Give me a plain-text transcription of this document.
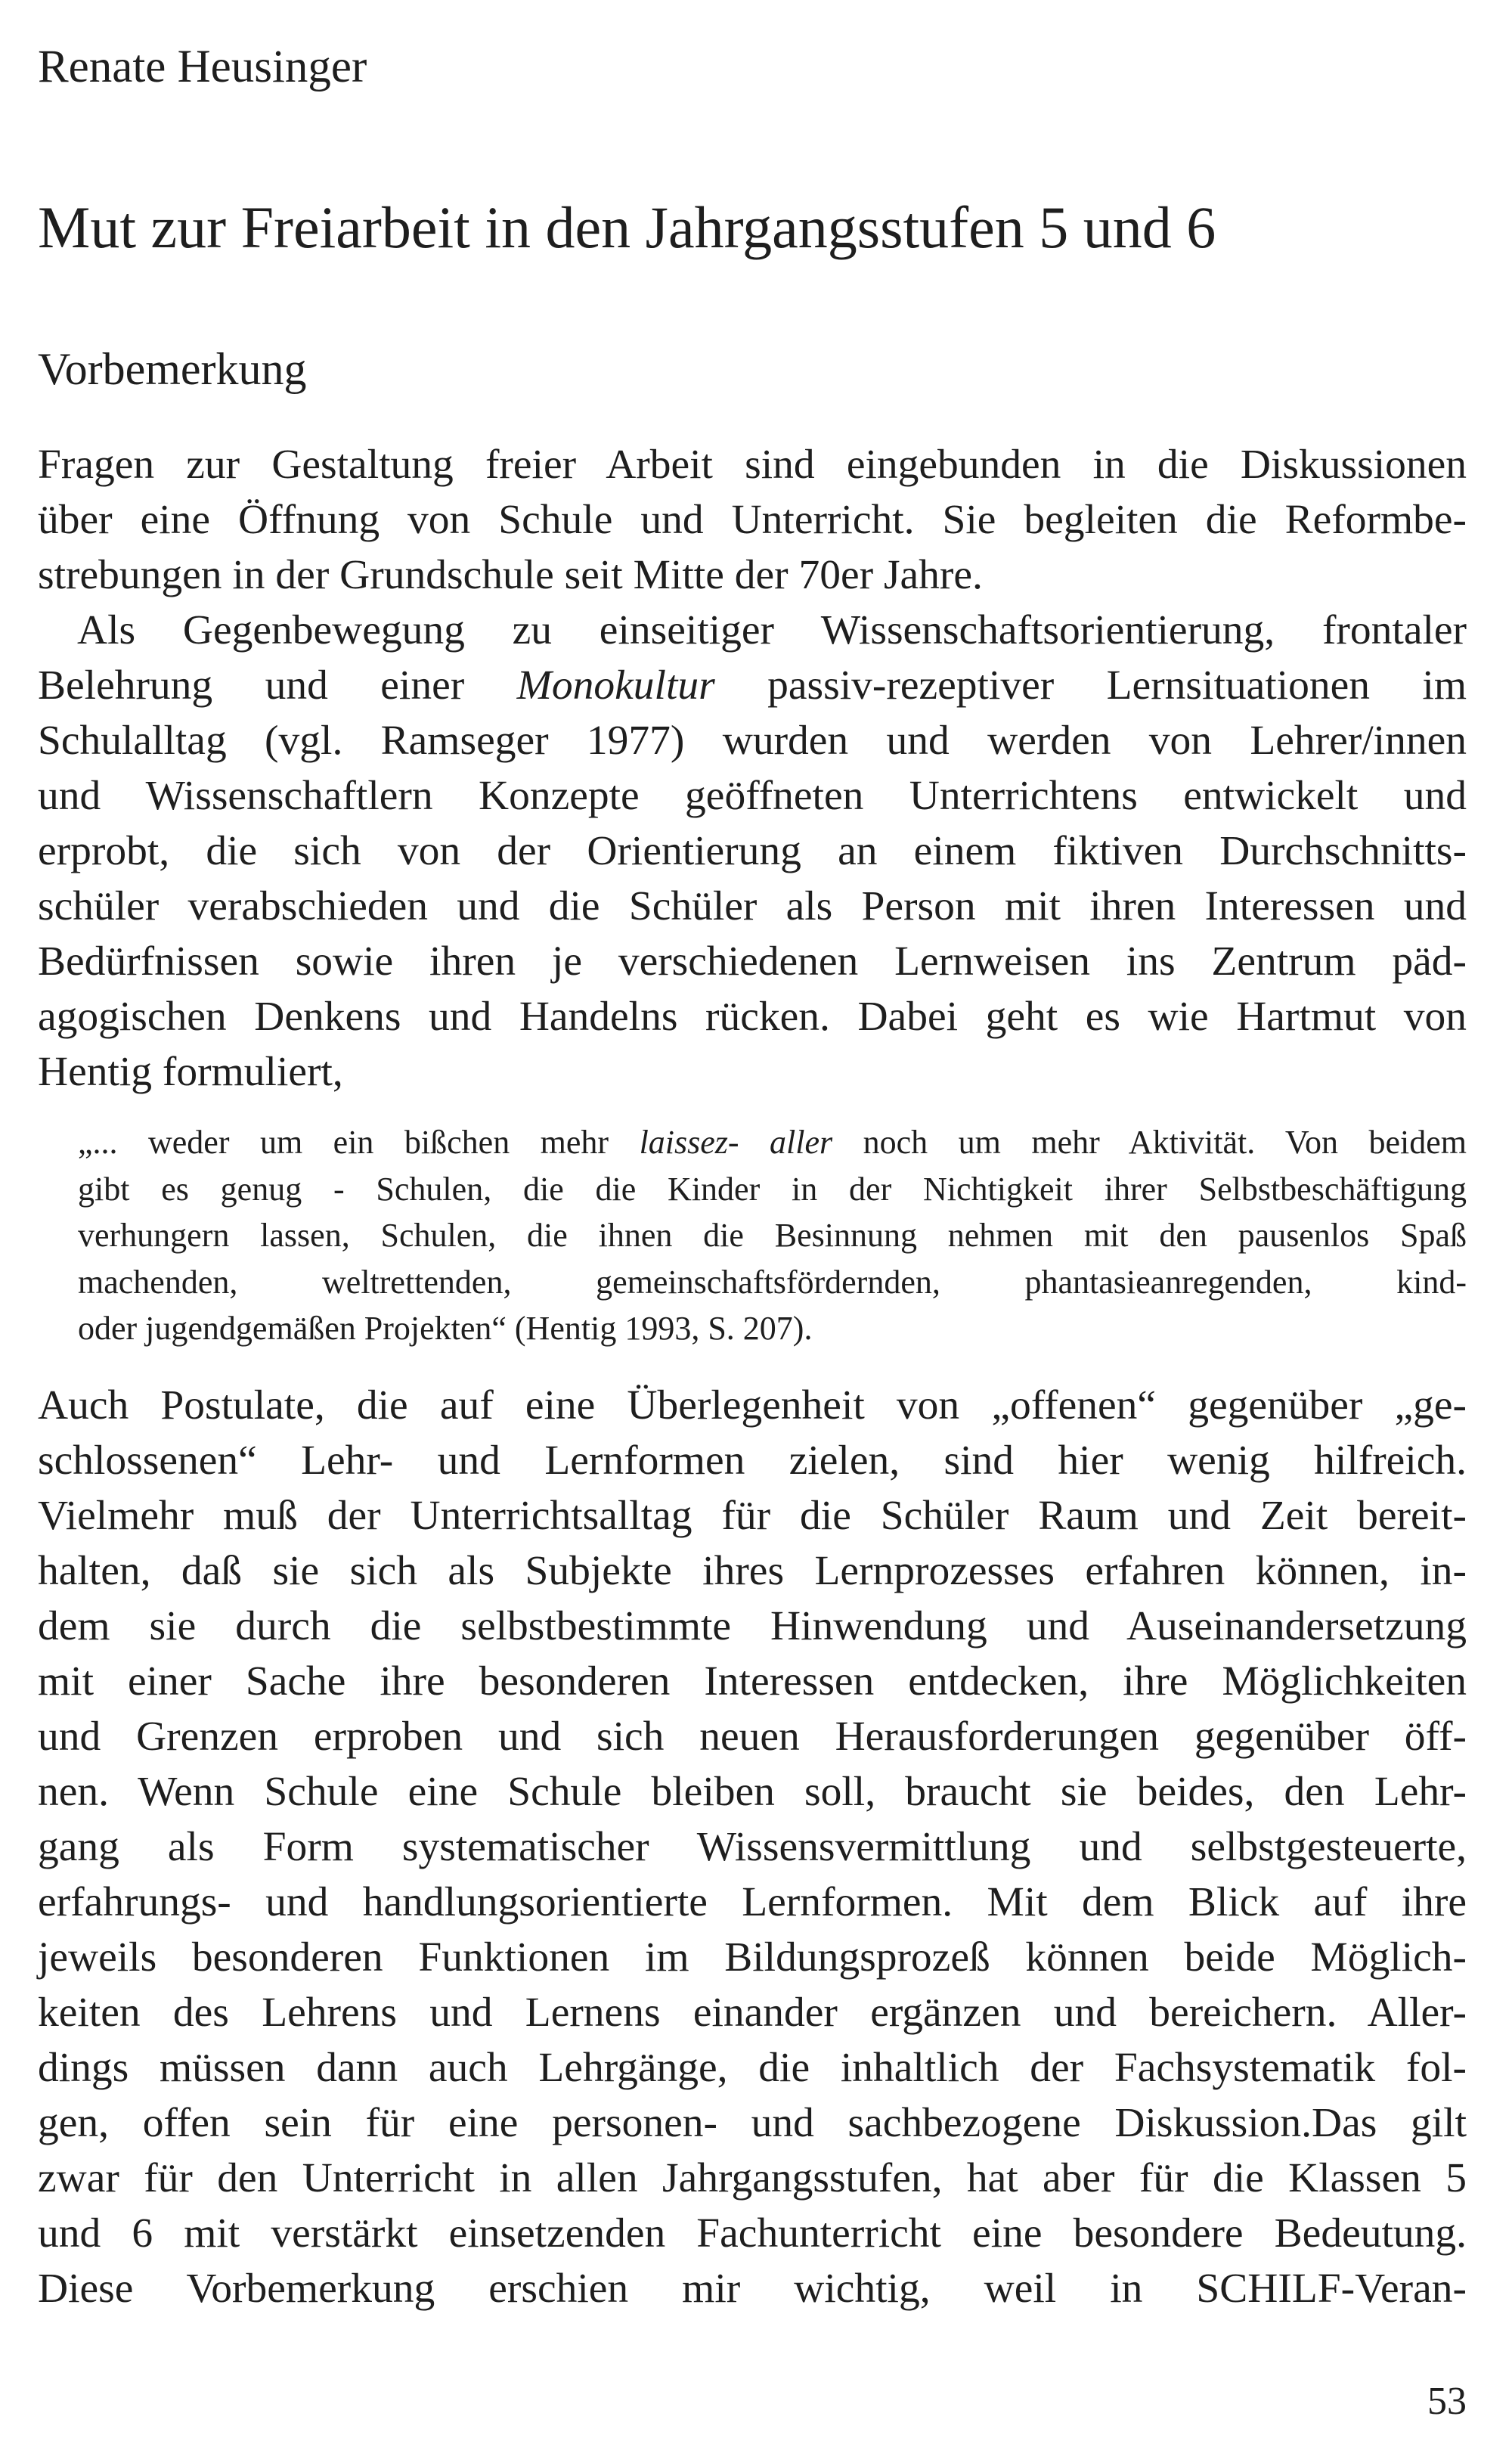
Renate Heusinger
Mut zur Freiarbeit in den Jahrgangsstufen 5 und 6
Vorbemerkung
Fragen zur Gestaltung freier Arbeit sind eingebunden in die Diskussionen
über eine Öffnung von Schule und Unterricht. Sie begleiten die Reformbe-
strebungen in der Grundschule seit Mitte der 70er Jahre.
Als Gegenbewegung zu einseitiger Wissenschaftsorientierung, frontaler
Belehrung und einer Monokultur passiv-rezeptiver Lernsituationen im
Schulalltag (vgl. Ramseger 1977) wurden und werden von Lehrer/innen
und Wissenschaftlern Konzepte geöffneten Unterrichtens entwickelt und
erprobt, die sich von der Orientierung an einem fiktiven Durchschnitts-
schüler verabschieden und die Schüler als Person mit ihren Interessen und
Bedürfnissen sowie ihren je verschiedenen Lernweisen ins Zentrum päd-
agogischen Denkens und Handelns rücken. Dabei geht es wie Hartmut von
Hentig formuliert,
„... weder um ein bißchen mehr laissez- aller noch um mehr Aktivität. Von beidem
gibt es genug - Schulen, die die Kinder in der Nichtigkeit ihrer Selbstbeschäftigung
verhungern lassen, Schulen, die ihnen die Besinnung nehmen mit den pausenlos Spaß
machenden, weltrettenden, gemeinschaftsfördernden, phantasieanregenden, kind-
oder jugendgemäßen Projekten“ (Hentig 1993, S. 207).
Auch Postulate, die auf eine Überlegenheit von „offenen“ gegenüber „ge-
schlossenen“ Lehr- und Lernformen zielen, sind hier wenig hilfreich.
Vielmehr muß der Unterrichtsalltag für die Schüler Raum und Zeit bereit-
halten, daß sie sich als Subjekte ihres Lernprozesses erfahren können, in-
dem sie durch die selbstbestimmte Hinwendung und Auseinandersetzung
mit einer Sache ihre besonderen Interessen entdecken, ihre Möglichkeiten
und Grenzen erproben und sich neuen Herausforderungen gegenüber öff-
nen. Wenn Schule eine Schule bleiben soll, braucht sie beides, den Lehr-
gang als Form systematischer Wissensvermittlung und selbstgesteuerte,
erfahrungs- und handlungsorientierte Lernformen. Mit dem Blick auf ihre
jeweils besonderen Funktionen im Bildungsprozeß können beide Möglich-
keiten des Lehrens und Lernens einander ergänzen und bereichern. Aller-
dings müssen dann auch Lehrgänge, die inhaltlich der Fachsystematik fol-
gen, offen sein für eine personen- und sachbezogene Diskussion.Das gilt
zwar für den Unterricht in allen Jahrgangsstufen, hat aber für die Klassen 5
und 6 mit verstärkt einsetzenden Fachunterricht eine besondere Bedeutung.
Diese Vorbemerkung erschien mir wichtig, weil in SCHILF-Veran-
53
